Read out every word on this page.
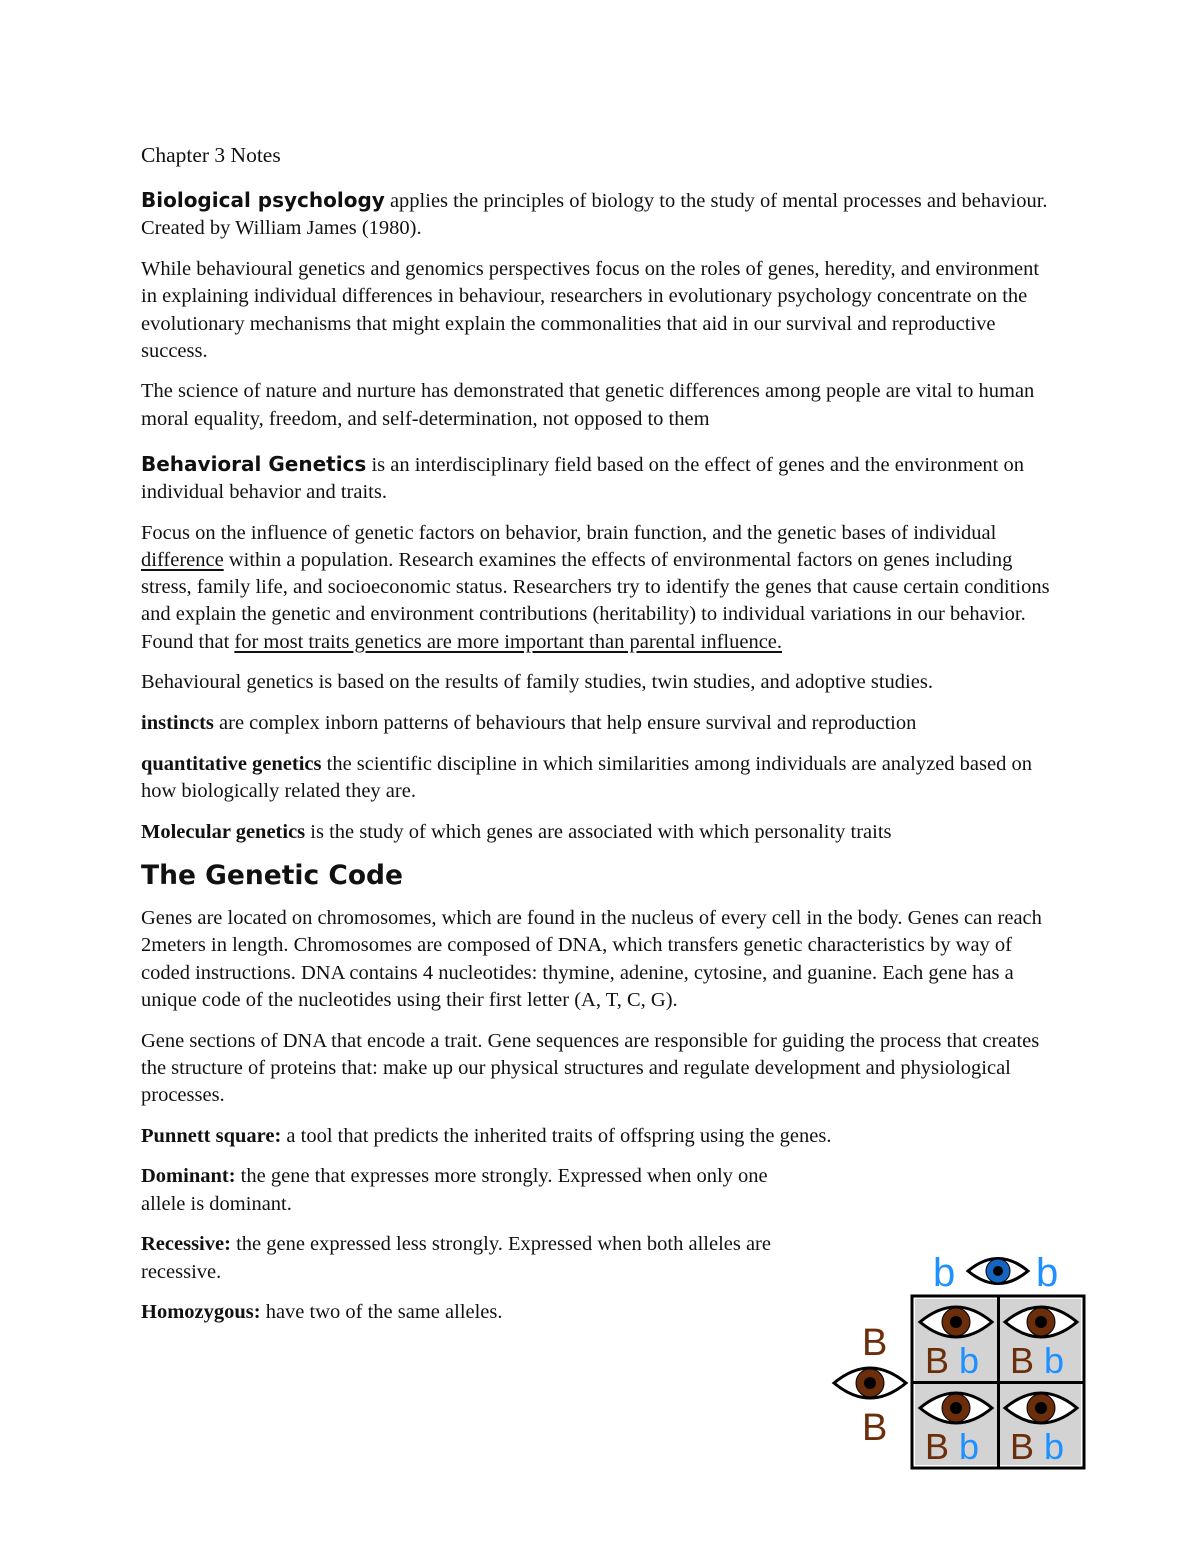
Chapter 3 Notes

Biological psychology applies the principles of biology to the study of mental processes and behaviour. Created by William James (1980).

While behavioural genetics and genomics perspectives focus on the roles of genes, heredity, and environment in explaining individual differences in behaviour, researchers in evolutionary psychology concentrate on the evolutionary mechanisms that might explain the commonalities that aid in our survival and reproductive success.

The science of nature and nurture has demonstrated that genetic differences among people are vital to human moral equality, freedom, and self-determination, not opposed to them

Behavioral Genetics is an interdisciplinary field based on the effect of genes and the environment on individual behavior and traits.

Focus on the influence of genetic factors on behavior, brain function, and the genetic bases of individual difference within a population. Research examines the effects of environmental factors on genes including stress, family life, and socioeconomic status. Researchers try to identify the genes that cause certain conditions and explain the genetic and environment contributions (heritability) to individual variations in our behavior. Found that for most traits genetics are more important than parental influence.

Behavioural genetics is based on the results of family studies, twin studies, and adoptive studies.

instincts are complex inborn patterns of behaviours that help ensure survival and reproduction

quantitative genetics the scientific discipline in which similarities among individuals are analyzed based on how biologically related they are.

Molecular genetics is the study of which genes are associated with which personality traits

The Genetic Code

Genes are located on chromosomes, which are found in the nucleus of every cell in the body. Genes can reach 2meters in length. Chromosomes are composed of DNA, which transfers genetic characteristics by way of coded instructions. DNA contains 4 nucleotides: thymine, adenine, cytosine, and guanine. Each gene has a unique code of the nucleotides using their first letter (A, T, C, G).

Gene sections of DNA that encode a trait. Gene sequences are responsible for guiding the process that creates the structure of proteins that: make up our physical structures and regulate development and physiological processes.

Punnett square: a tool that predicts the inherited traits of offspring using the genes.

Dominant: the gene that expresses more strongly. Expressed when only one allele is dominant.

Recessive: the gene expressed less strongly. Expressed when both alleles are recessive.

Homozygous: have two of the same alleles.

b b
B
B
B b B b
B b B b
